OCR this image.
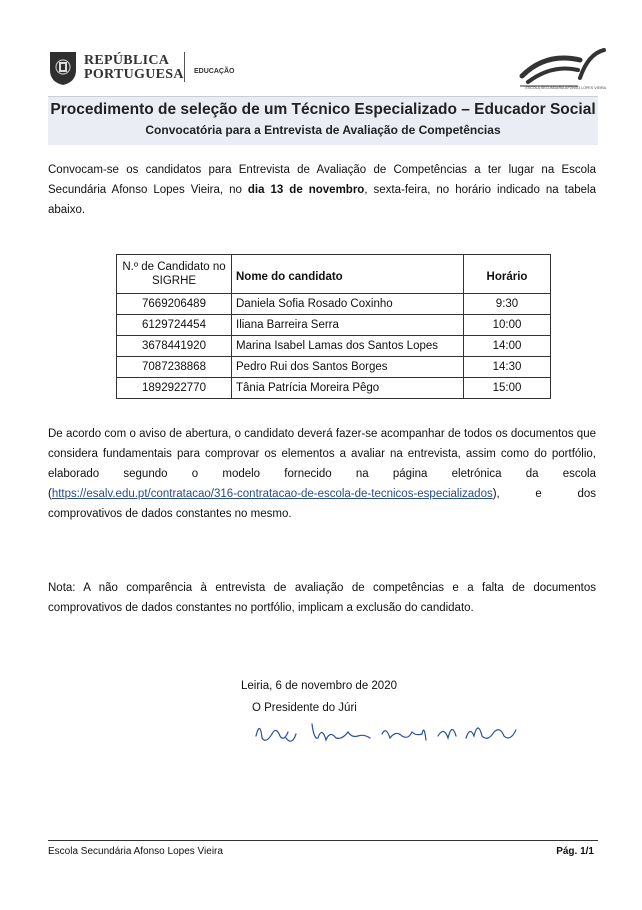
REPÚBLICA
PORTUGUESA EDUCAÇÃO
ESCOLA SECUNDÁRIA AFONSO LOPES VIEIRA
Procedimento de seleção de um Técnico Especializado – Educador Social
Convocatória para a Entrevista de Avaliação de Competências
Convocam-se os candidatos para Entrevista de Avaliação de Competências a ter lugar na Escola Secundária Afonso Lopes Vieira, no dia 13 de novembro, sexta-feira, no horário indicado na tabela abaixo.
N.º de Candidato no SIGRHE	Nome do candidato	Horário
7669206489	Daniela Sofia Rosado Coxinho	9:30
6129724454	Iliana Barreira Serra	10:00
3678441920	Marina Isabel Lamas dos Santos Lopes	14:00
7087238868	Pedro Rui dos Santos Borges	14:30
1892922770	Tânia Patrícia Moreira Pêgo	15:00
De acordo com o aviso de abertura, o candidato deverá fazer-se acompanhar de todos os documentos que considera fundamentais para comprovar os elementos a avaliar na entrevista, assim como do portfólio, elaborado segundo o modelo fornecido na página eletrónica da escola (https://esalv.edu.pt/contratacao/316-contratacao-de-escola-de-tecnicos-especializados), e dos comprovativos de dados constantes no mesmo.
Nota: A não comparência à entrevista de avaliação de competências e a falta de documentos comprovativos de dados constantes no portfólio, implicam a exclusão do candidato.
Leiria, 6 de novembro de 2020
O Presidente do Júri
Escola Secundária Afonso Lopes Vieira	Pág. 1/1
